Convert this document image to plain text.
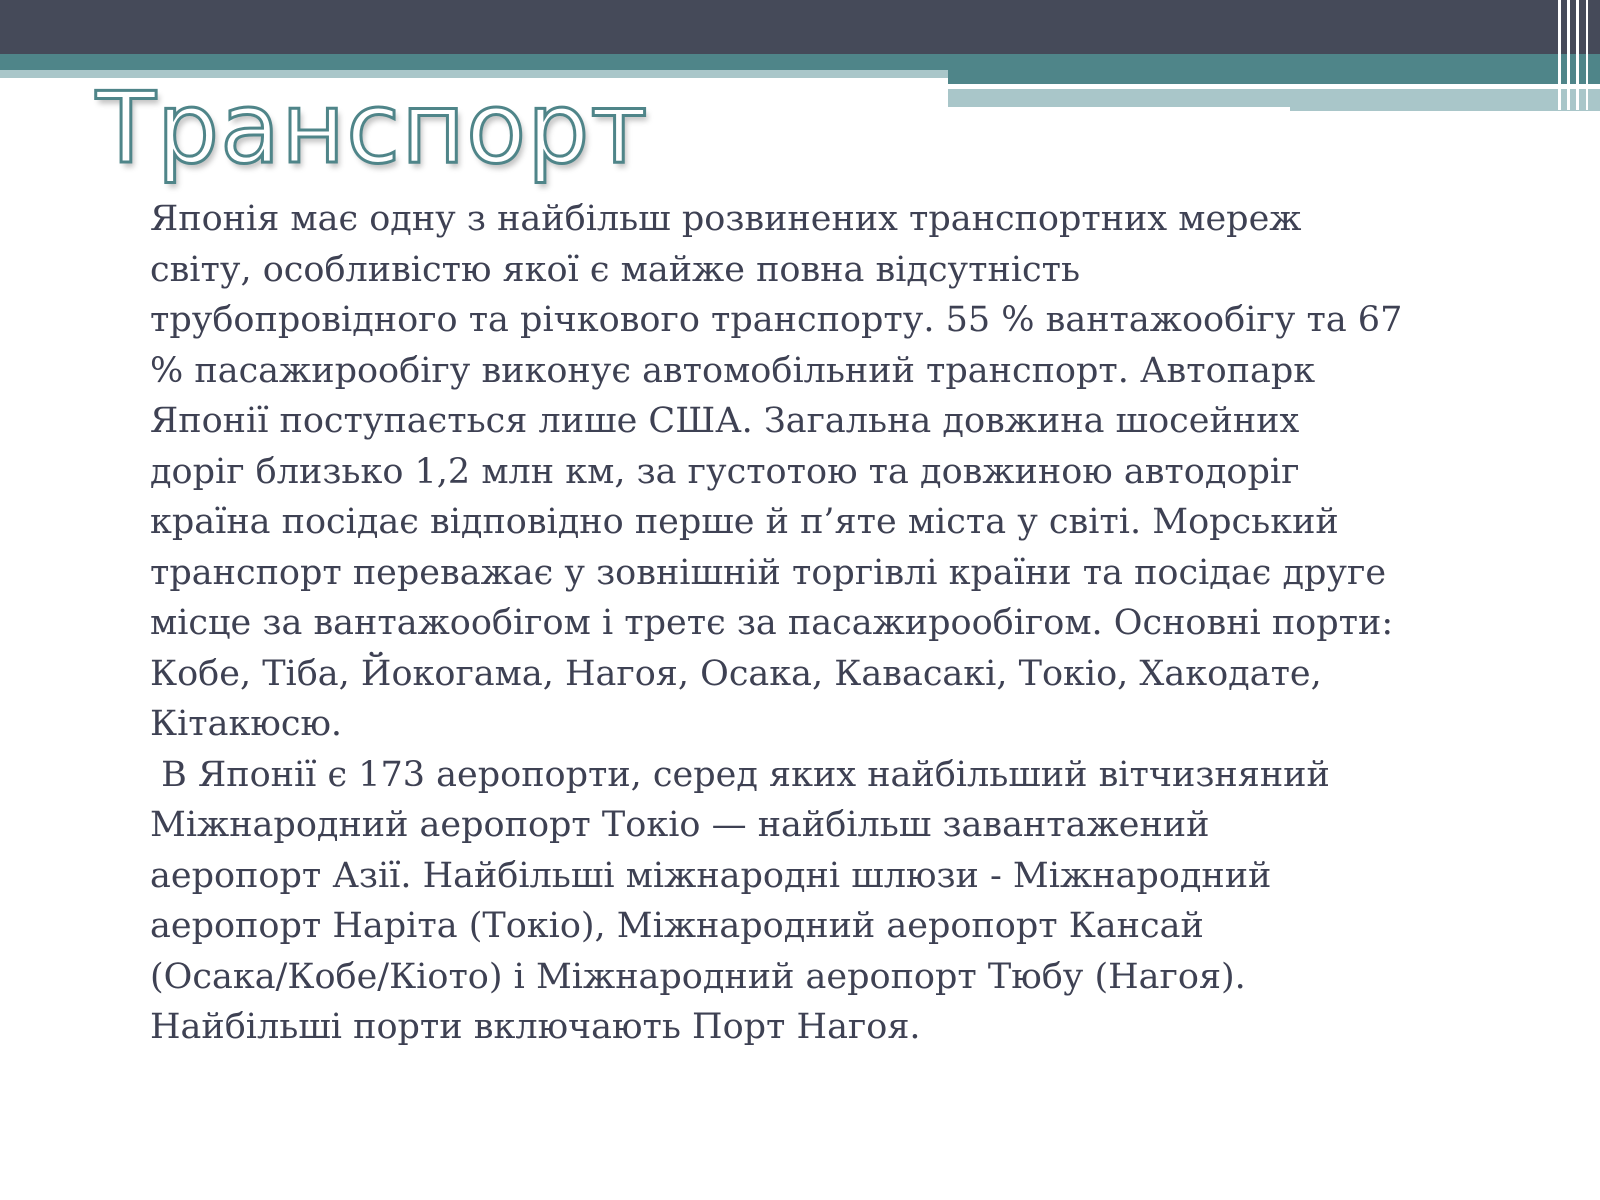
Транспорт
Японія має одну з найбільш розвинених транспортних мереж
світу, особливістю якої є майже повна відсутність
трубопровідного та річкового транспорту. 55 % вантажообігу та 67
% пасажирообігу виконує автомобільний транспорт. Автопарк
Японії поступається лише США. Загальна довжина шосейних
доріг близько 1,2 млн км, за густотою та довжиною автодоріг
країна посідає відповідно перше й п’яте міста у світі. Морський
транспорт переважає у зовнішній торгівлі країни та посідає друге
місце за вантажообігом і третє за пасажирообігом. Основні порти:
Кобе, Тіба, Йокогама, Нагоя, Осака, Кавасакі, Токіо, Хакодате,
Кітакюсю.
В Японії є 173 аеропорти, серед яких найбільший вітчизняний
Міжнародний аеропорт Токіо — найбільш завантажений
аеропорт Азії. Найбільші міжнародні шлюзи - Міжнародний
аеропорт Наріта (Токіо), Міжнародний аеропорт Кансай
(Осака/Кобе/Кіото) і Міжнародний аеропорт Тюбу (Нагоя).
Найбільші порти включають Порт Нагоя.
